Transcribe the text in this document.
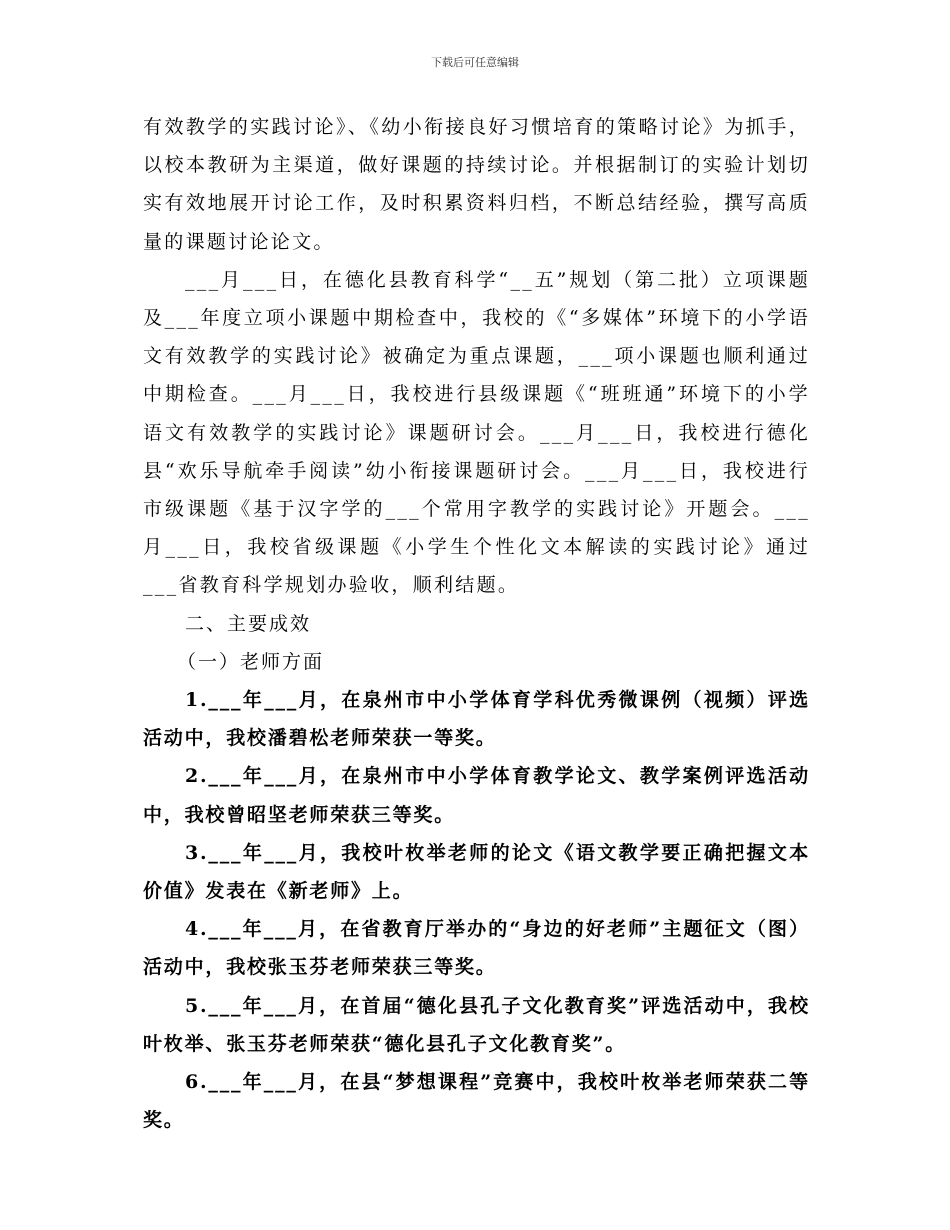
下载后可任意编辑

有效教学的实践讨论》、《幼小衔接良好习惯培育的策略讨论》为抓手，以校本教研为主渠道，做好课题的持续讨论。并根据制订的实验计划切实有效地展开讨论工作，及时积累资料归档，不断总结经验，撰写高质量的课题讨论论文。

___月___日，在德化县教育科学“__五”规划（第二批）立项课题及___年度立项小课题中期检查中，我校的《“多媒体”环境下的小学语文有效教学的实践讨论》被确定为重点课题，___项小课题也顺利通过中期检查。___月___日，我校进行县级课题《“班班通”环境下的小学语文有效教学的实践讨论》课题研讨会。___月___日，我校进行德化县“欢乐导航牵手阅读”幼小衔接课题研讨会。___月___日，我校进行市级课题《基于汉字学的___个常用字教学的实践讨论》开题会。___月___日，我校省级课题《小学生个性化文本解读的实践讨论》通过___省教育科学规划办验收，顺利结题。

二、主要成效

（一）老师方面

1.___年___月，在泉州市中小学体育学科优秀微课例（视频）评选活动中，我校潘碧松老师荣获一等奖。

2.___年___月，在泉州市中小学体育教学论文、教学案例评选活动中，我校曾昭坚老师荣获三等奖。

3.___年___月，我校叶枚举老师的论文《语文教学要正确把握文本价值》发表在《新老师》上。

4.___年___月，在省教育厅举办的“身边的好老师”主题征文（图）活动中，我校张玉芬老师荣获三等奖。

5.___年___月，在首届“德化县孔子文化教育奖”评选活动中，我校叶枚举、张玉芬老师荣获“德化县孔子文化教育奖”。

6.___年___月，在县“梦想课程”竞赛中，我校叶枚举老师荣获二等奖。
